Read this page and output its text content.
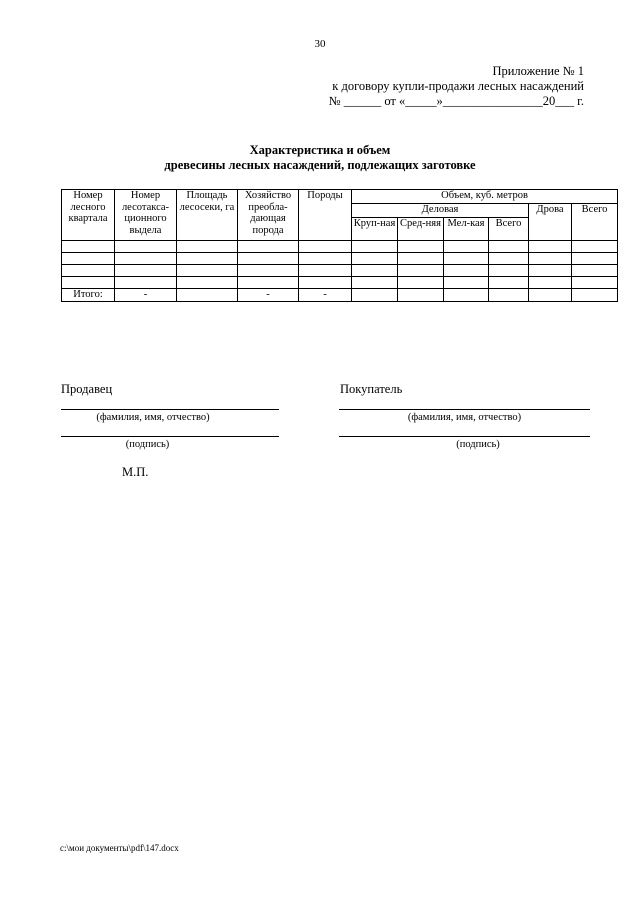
30
Приложение № 1
к договору купли-продажи лесных насаждений
№ ______ от «_____»________________20___ г.
Характеристика и объем
древесины лесных насаждений, подлежащих заготовке
Номер лесного квартала	Номер лесотакса-ционного выдела	Площадь лесосеки, га	Хозяйство преобла-дающая порода	Породы	Объем, куб. метров					
					Деловая				Дрова	Всего
					Круп-ная	Сред-няя	Мел-кая	Всего		

Итого:	-		-	-						
Продавец
(фамилия, имя, отчество)
(подпись)
М.П.
Покупатель
(фамилия, имя, отчество)
(подпись)
c:\мои документы\pdf\147.docx
